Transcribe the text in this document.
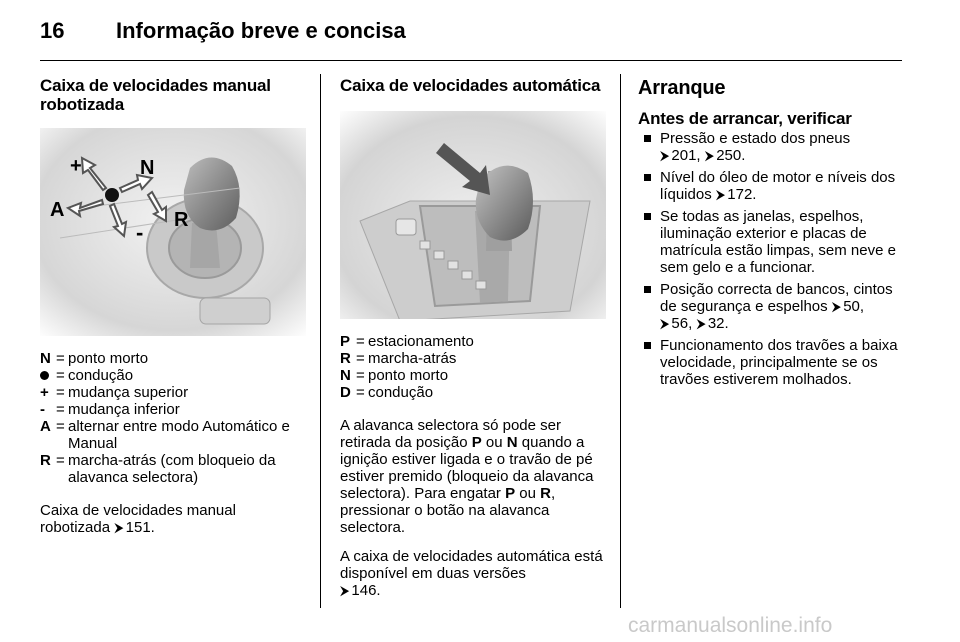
16 Informação breve e concisa
Caixa de velocidades manual robotizada
+	N
A	R
-
N = ponto morto
= condução
+ = mudança superior
- = mudança inferior
A = alternar entre modo Automático e Manual
R = marcha-atrás (com bloqueio da alavanca selectora)

Caixa de velocidades manual robotizada ⮞ 151.

Caixa de velocidades automática
P = estacionamento
R = marcha-atrás
N = ponto morto
D = condução

A alavanca selectora só pode ser retirada da posição P ou N quando a ignição estiver ligada e o travão de pé estiver premido (bloqueio da alavanca selectora). Para engatar P ou R, pressionar o botão na alavanca selectora.

A caixa de velocidades automática está disponível em duas versões
⮞ 146.

Arranque
Antes de arrancar, verificar
Pressão e estado dos pneus
⮞ 201, ⮞ 250.
Nível do óleo de motor e níveis dos líquidos ⮞ 172.
Se todas as janelas, espelhos, iluminação exterior e placas de matrícula estão limpas, sem neve e sem gelo e a funcionar.
Posição correcta de bancos, cintos de segurança e espelhos ⮞ 50,
⮞ 56, ⮞ 32.
Funcionamento dos travões a baixa velocidade, principalmente se os travões estiverem molhados.
carmanualsonline.info
